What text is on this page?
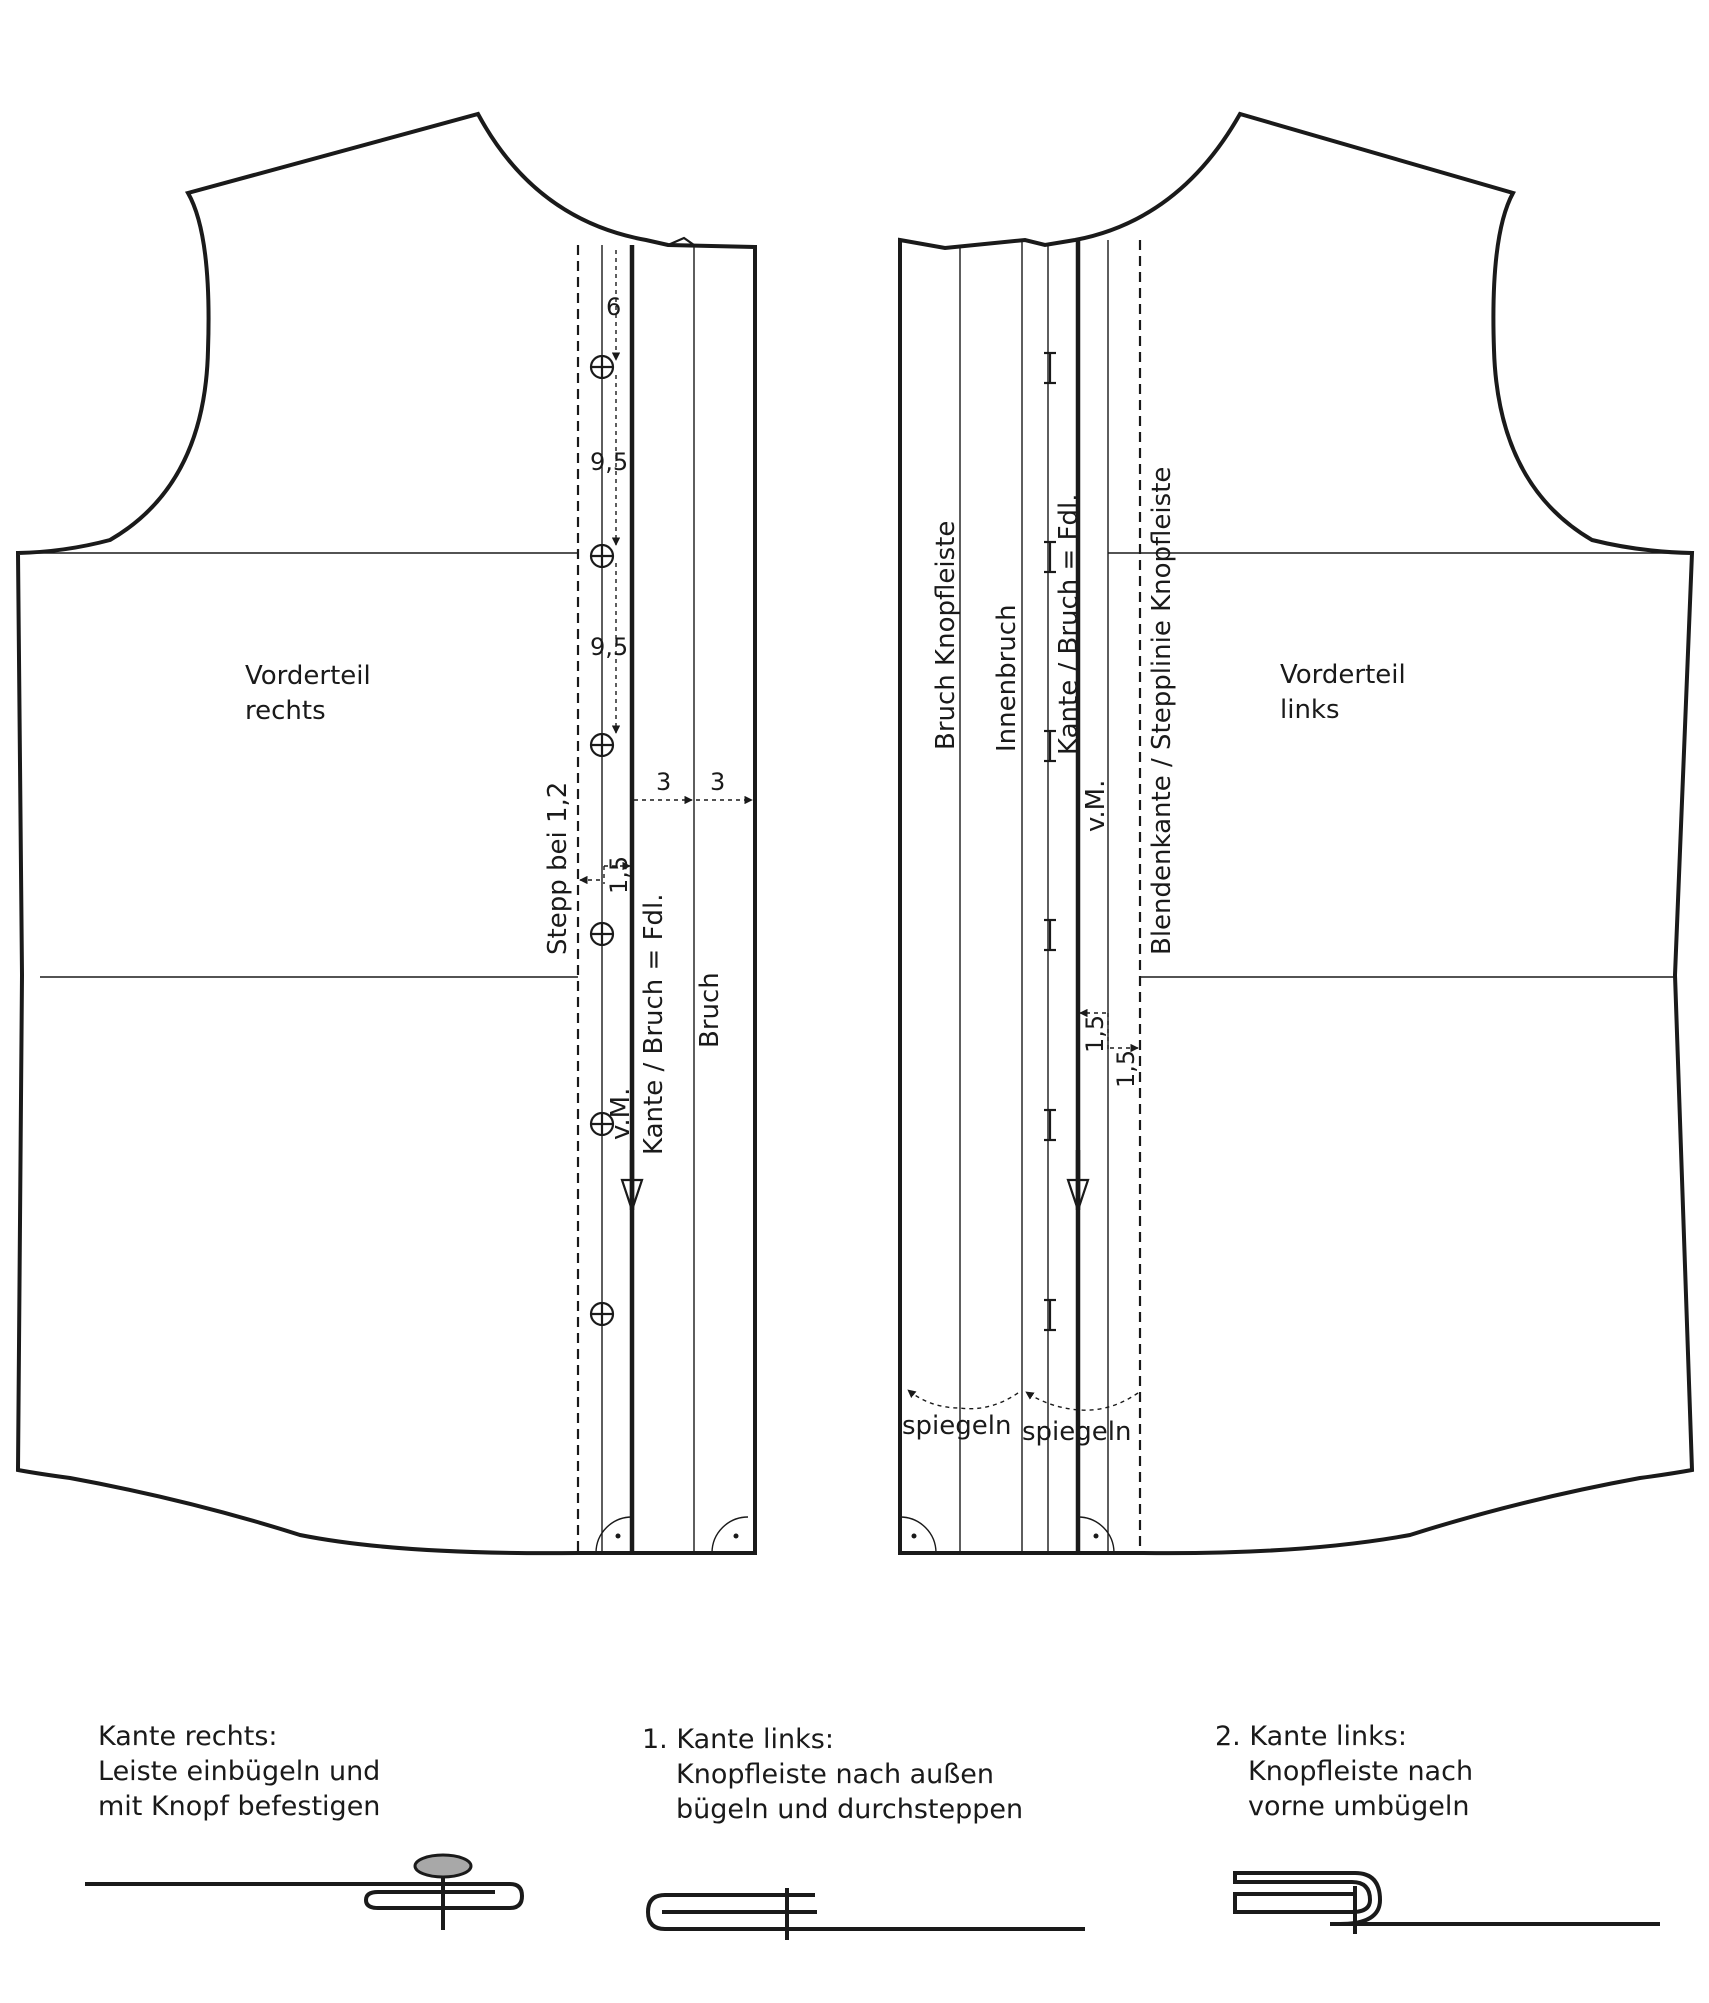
Vorderteil
rechts
Stepp bei 1,2
v.M. Kante / Bruch = Fdl. Bruch
6
9,5
9,5
3 3
1,5
Vorderteil
links
Bruch Knopfleiste Innenbruch Kante / Bruch = Fdl.
v.M. Blendenkante / Stepplinie Knopfleiste
1,5
1,5
spiegeln spiegeln
Kante rechts:
Leiste einbügeln und
mit Knopf befestigen
1. Kante links:
Knopfleiste nach außen
bügeln und durchsteppen
2. Kante links:
Knopfleiste nach
vorne umbügeln
